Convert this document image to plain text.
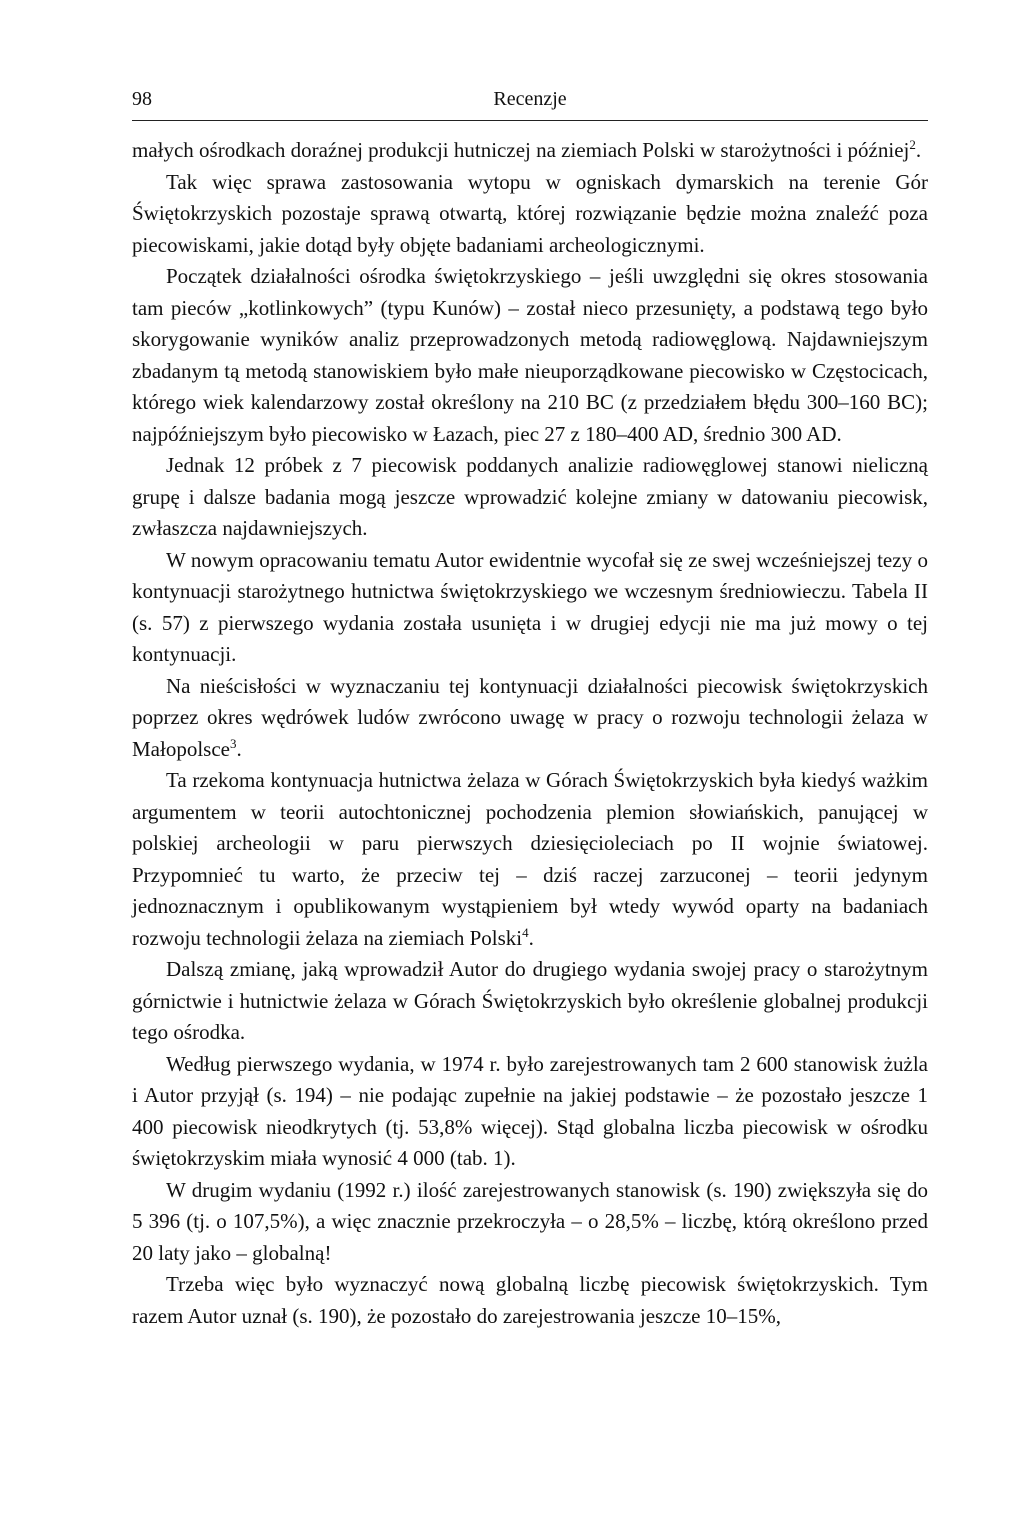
98	Recenzje

małych ośrodkach doraźnej produkcji hutniczej na ziemiach Polski w starożytności i później$^2$.

Tak więc sprawa zastosowania wytopu w ogniskach dymarskich na terenie Gór Świętokrzyskich pozostaje sprawą otwartą, której rozwiązanie będzie można znaleźć poza piecowiskami, jakie dotąd były objęte badaniami archeologicznymi.

Początek działalności ośrodka świętokrzyskiego – jeśli uwzględni się okres stosowania tam pieców „kotlinkowych” (typu Kunów) – został nieco przesunięty, a podstawą tego było skorygowanie wyników analiz przeprowadzonych metodą radiowęglową. Najdawniejszym zbadanym tą metodą stanowiskiem było małe nieuporządkowane piecowisko w Częstocicach, którego wiek kalendarzowy został określony na 210 BC (z przedziałem błędu 300–160 BC); najpóźniejszym było piecowisko w Łazach, piec 27 z 180–400 AD, średnio 300 AD.

Jednak 12 próbek z 7 piecowisk poddanych analizie radiowęglowej stanowi nieliczną grupę i dalsze badania mogą jeszcze wprowadzić kolejne zmiany w datowaniu piecowisk, zwłaszcza najdawniejszych.

W nowym opracowaniu tematu Autor ewidentnie wycofał się ze swej wcześniejszej tezy o kontynuacji starożytnego hutnictwa świętokrzyskiego we wczesnym średniowieczu. Tabela II (s. 57) z pierwszego wydania została usunięta i w drugiej edycji nie ma już mowy o tej kontynuacji.

Na nieścisłości w wyznaczaniu tej kontynuacji działalności piecowisk świętokrzyskich poprzez okres wędrówek ludów zwrócono uwagę w pracy o rozwoju technologii żelaza w Małopolsce$^3$.

Ta rzekoma kontynuacja hutnictwa żelaza w Górach Świętokrzyskich była kiedyś ważkim argumentem w teorii autochtonicznej pochodzenia plemion słowiańskich, panującej w polskiej archeologii w paru pierwszych dziesięcioleciach po II wojnie światowej. Przypomnieć tu warto, że przeciw tej – dziś raczej zarzuconej – teorii jedynym jednoznacznym i opublikowanym wystąpieniem był wtedy wywód oparty na badaniach rozwoju technologii żelaza na ziemiach Polski$^4$.

Dalszą zmianę, jaką wprowadził Autor do drugiego wydania swojej pracy o starożytnym górnictwie i hutnictwie żelaza w Górach Świętokrzyskich było określenie globalnej produkcji tego ośrodka.

Według pierwszego wydania, w 1974 r. było zarejestrowanych tam 2 600 stanowisk żużla i Autor przyjął (s. 194) – nie podając zupełnie na jakiej podstawie – że pozostało jeszcze 1 400 piecowisk nieodkrytych (tj. 53,8% więcej). Stąd globalna liczba piecowisk w ośrodku świętokrzyskim miała wynosić 4 000 (tab. 1).

W drugim wydaniu (1992 r.) ilość zarejestrowanych stanowisk (s. 190) zwiększyła się do 5 396 (tj. o 107,5%), a więc znacznie przekroczyła – o 28,5% – liczbę, którą określono przed 20 laty jako – globalną!

Trzeba więc było wyznaczyć nową globalną liczbę piecowisk świętokrzyskich. Tym razem Autor uznał (s. 190), że pozostało do zarejestrowania jeszcze 10–15%,
